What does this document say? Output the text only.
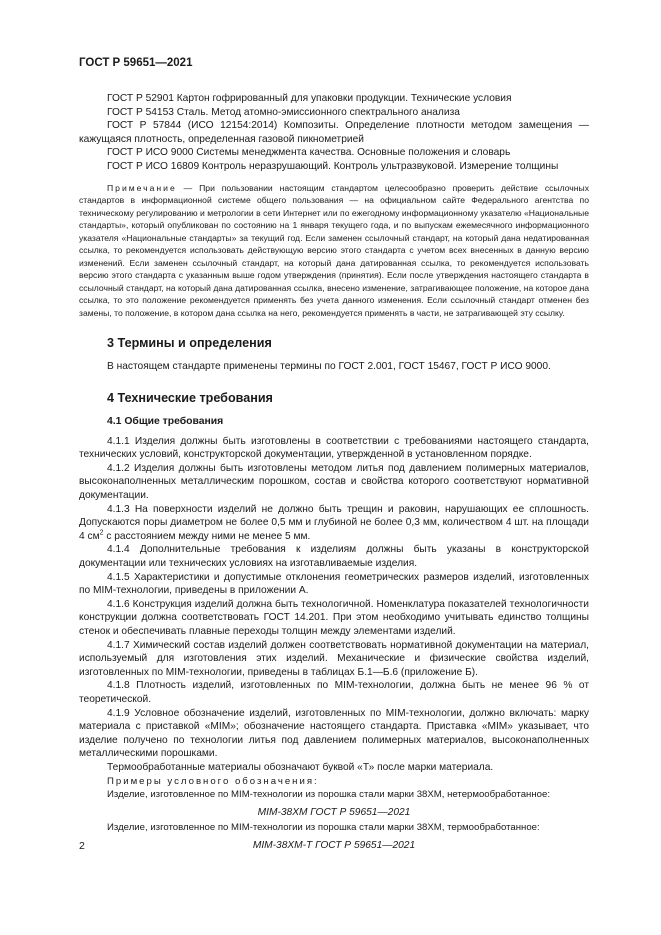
ГОСТ Р 59651—2021

ГОСТ Р 52901 Картон гофрированный для упаковки продукции. Технические условия

ГОСТ Р 54153 Сталь. Метод атомно-эмиссионного спектрального анализа

ГОСТ Р 57844 (ИСО 12154:2014) Композиты. Определение плотности методом замещения — кажущаяся плотность, определенная газовой пикнометрией

ГОСТ Р ИСО 9000 Системы менеджмента качества. Основные положения и словарь

ГОСТ Р ИСО 16809 Контроль неразрушающий. Контроль ультразвуковой. Измерение толщины

Примечание — При пользовании настоящим стандартом целесообразно проверить действие ссылочных стандартов в информационной системе общего пользования — на официальном сайте Федерального агентства по техническому регулированию и метрологии в сети Интернет или по ежегодному информационному указателю «Национальные стандарты», который опубликован по состоянию на 1 января текущего года, и по выпускам ежемесячного информационного указателя «Национальные стандарты» за текущий год. Если заменен ссылочный стандарт, на который дана недатированная ссылка, то рекомендуется использовать действующую версию этого стандарта с учетом всех внесенных в данную версию изменений. Если заменен ссылочный стандарт, на который дана датированная ссылка, то рекомендуется использовать версию этого стандарта с указанным выше годом утверждения (принятия). Если после утверждения настоящего стандарта в ссылочный стандарт, на который дана датированная ссылка, внесено изменение, затрагивающее положение, на которое дана ссылка, то это положение рекомендуется применять без учета данного изменения. Если ссылочный стандарт отменен без замены, то положение, в котором дана ссылка на него, рекомендуется применять в части, не затрагивающей эту ссылку.

3 Термины и определения

В настоящем стандарте применены термины по ГОСТ 2.001, ГОСТ 15467, ГОСТ Р ИСО 9000.

4 Технические требования
4.1 Общие требования

4.1.1 Изделия должны быть изготовлены в соответствии с требованиями настоящего стандарта, технических условий, конструкторской документации, утвержденной в установленном порядке.

4.1.2 Изделия должны быть изготовлены методом литья под давлением полимерных материалов, высоконаполненных металлическим порошком, состав и свойства которого соответствуют нормативной документации.

4.1.3 На поверхности изделий не должно быть трещин и раковин, нарушающих ее сплошность. Допускаются поры диаметром не более 0,5 мм и глубиной не более 0,3 мм, количеством 4 шт. на площади 4 $см^2$ с расстоянием между ними не менее 5 мм.

4.1.4 Дополнительные требования к изделиям должны быть указаны в конструкторской документации или технических условиях на изготавливаемые изделия.

4.1.5 Характеристики и допустимые отклонения геометрических размеров изделий, изготовленных по MIM-технологии, приведены в приложении А.

4.1.6 Конструкция изделий должна быть технологичной. Номенклатура показателей технологичности конструкции должна соответствовать ГОСТ 14.201. При этом необходимо учитывать единство толщины стенок и обеспечивать плавные переходы толщин между элементами изделий.

4.1.7 Химический состав изделий должен соответствовать нормативной документации на материал, используемый для изготовления этих изделий. Механические и физические свойства изделий, изготовленных по MIM-технологии, приведены в таблицах Б.1—Б.6 (приложение Б).

4.1.8 Плотность изделий, изготовленных по MIM-технологии, должна быть не менее 96 % от теоретической.

4.1.9 Условное обозначение изделий, изготовленных по MIM-технологии, должно включать: марку материала с приставкой «MIM»; обозначение настоящего стандарта. Приставка «MIM» указывает, что изделие получено по технологии литья под давлением полимерных материалов, высоконаполненных металлическими порошками.

Термообработанные материалы обозначают буквой «Т» после марки материала.

Примеры условного обозначения:

Изделие, изготовленное по MIM-технологии из порошка стали марки 38ХМ, нетермообработанное:

MIM-38ХМ ГОСТ Р 59651—2021

Изделие, изготовленное по MIM-технологии из порошка стали марки 38ХМ, термообработанное:

MIM-38ХМ-Т ГОСТ Р 59651—2021

2
